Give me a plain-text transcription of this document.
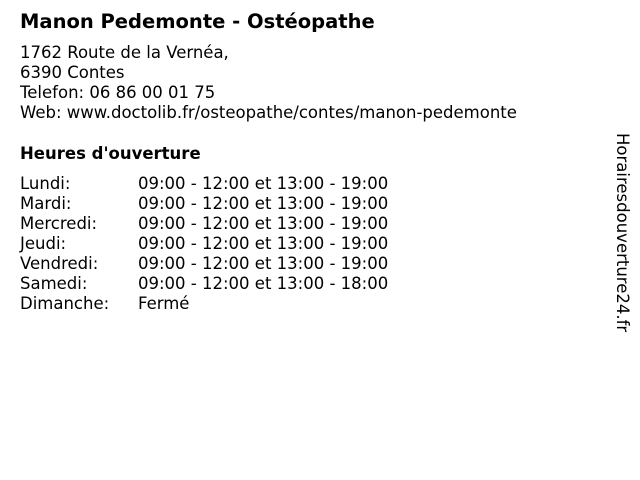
Manon Pedemonte - Ostéopathe
1762 Route de la Vernéa,
6390 Contes
Telefon: 06 86 00 01 75
Web: www.doctolib.fr/osteopathe/contes/manon-pedemonte
Heures d'ouverture
Lundi:	09:00 - 12:00 et 13:00 - 19:00
Mardi:	09:00 - 12:00 et 13:00 - 19:00
Mercredi:	09:00 - 12:00 et 13:00 - 19:00
Jeudi:	09:00 - 12:00 et 13:00 - 19:00
Vendredi:	09:00 - 12:00 et 13:00 - 19:00
Samedi:	09:00 - 12:00 et 13:00 - 18:00
Dimanche:	Fermé	Horairesdouverture24.fr
